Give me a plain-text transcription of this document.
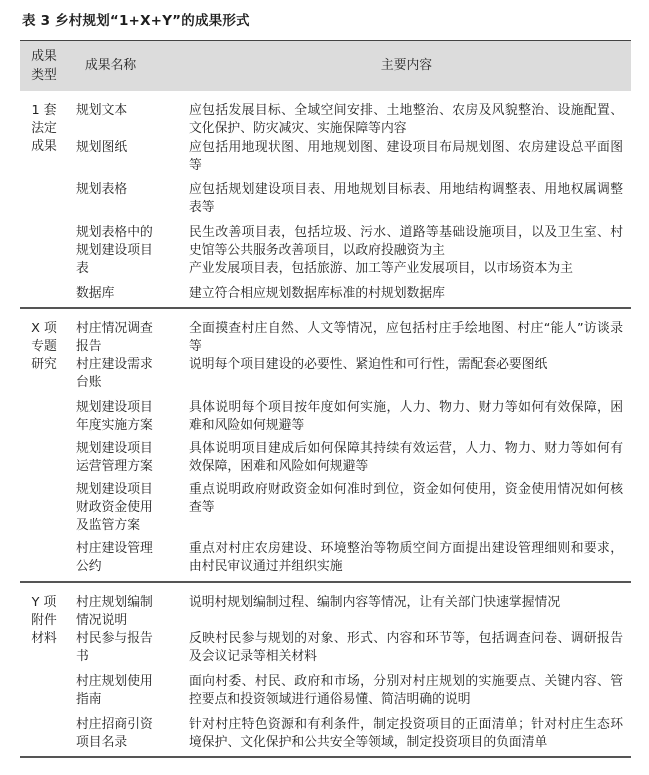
表 3 乡村规划“1+X+Y”的成果形式
成果
类型	成果名称	主要内容
1 套
法定
成果	规划文本	应包括发展目标、全域空间安排、土地整治、农房及风貌整治、设施配置、文化保护、防灾减灾、实施保障等内容
	规划图纸	应包括用地现状图、用地规划图、建设项目布局规划图、农房建设总平面图等
	规划表格	应包括规划建设项目表、用地规划目标表、用地结构调整表、用地权属调整表等
	规划表格中的
规划建设项目
表	民生改善项目表，包括垃圾、污水、道路等基础设施项目，以及卫生室、村史馆等公共服务改善项目，以政府投融资为主
产业发展项目表，包括旅游、加工等产业发展项目，以市场资本为主
	数据库	建立符合相应规划数据库标准的村规划数据库
X 项
专题
研究	村庄情况调查
报告	全面摸查村庄自然、人文等情况，应包括村庄手绘地图、村庄“能人”访谈录等
	村庄建设需求
台账	说明每个项目建设的必要性、紧迫性和可行性，需配套必要图纸
	规划建设项目
年度实施方案	具体说明每个项目按年度如何实施，人力、物力、财力等如何有效保障，困难和风险如何规避等
	规划建设项目
运营管理方案	具体说明项目建成后如何保障其持续有效运营，人力、物力、财力等如何有效保障，困难和风险如何规避等
	规划建设项目
财政资金使用
及监管方案	重点说明政府财政资金如何准时到位，资金如何使用，资金使用情况如何核查等
	村庄建设管理
公约	重点对村庄农房建设、环境整治等物质空间方面提出建设管理细则和要求，由村民审议通过并组织实施
Y 项
附件
材料	村庄规划编制
情况说明	说明村规划编制过程、编制内容等情况，让有关部门快速掌握情况
	村民参与报告
书	反映村民参与规划的对象、形式、内容和环节等，包括调查问卷、调研报告及会议记录等相关材料
	村庄规划使用
指南	面向村委、村民、政府和市场，分别对村庄规划的实施要点、关键内容、管控要点和投资领域进行通俗易懂、简洁明确的说明
	村庄招商引资
项目名录	针对村庄特色资源和有利条件，制定投资项目的正面清单；针对村庄生态环境保护、文化保护和公共安全等领域，制定投资项目的负面清单
